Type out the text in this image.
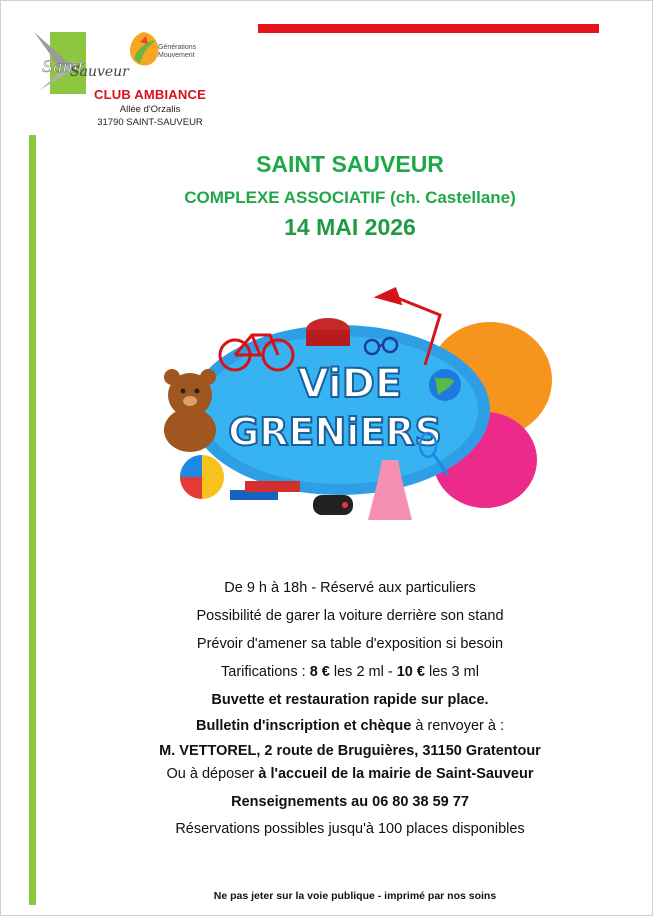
Saint
Sauveur
Générations
Mouvement
CLUB AMBIANCE
Allée d'Orzalis
31790 SAINT-SAUVEUR
SAINT SAUVEUR
COMPLEXE ASSOCIATIF (ch. Castellane)
14 MAI 2026
ViDE
GRENiERS
De 9 h à 18h - Réservé aux particuliers
Possibilité de garer la voiture derrière son stand
Prévoir d'amener sa table d'exposition si besoin
Tarifications : 8 € les 2 ml - 10 € les 3 ml
Buvette et restauration rapide sur place.
Bulletin d'inscription et chèque à renvoyer à :
M. VETTOREL, 2 route de Bruguières, 31150 Gratentour
Ou à déposer à l'accueil de la mairie de Saint-Sauveur
Renseignements au 06 80 38 59 77
Réservations possibles jusqu'à 100 places disponibles
Ne pas jeter sur la voie publique - imprimé par nos soins
